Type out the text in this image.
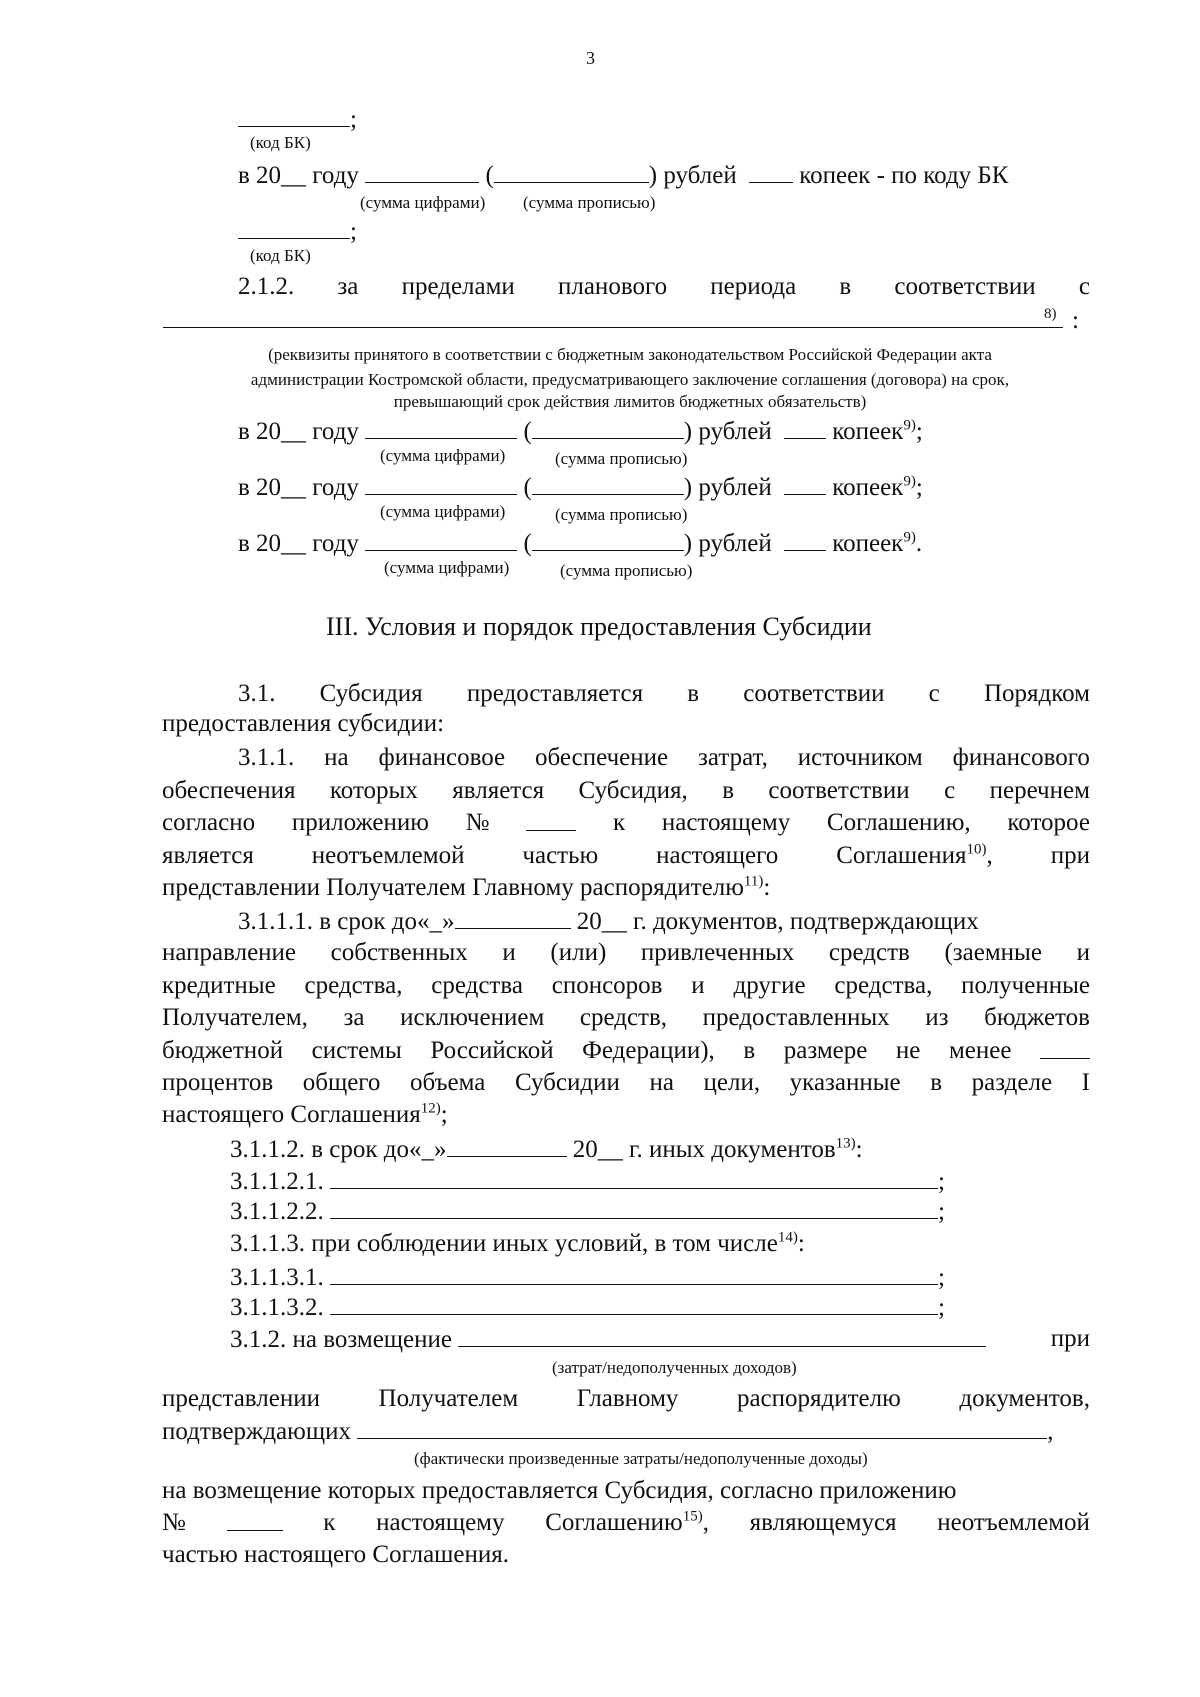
3
;
(код БК)
в 20__ году	(	) рублей	копеек - по коду БК
(сумма цифрами) (сумма прописью)
;
(код БК)
2.1.2. за пределами планового периода в соответствии с
8) :
(реквизиты принятого в соответствии с бюджетным законодательством Российской Федерации акта
администрации Костромской области, предусматривающего заключение соглашения (договора) на срок,
превышающий срок действия лимитов бюджетных обязательств)
в 20__ году	(	) рублей копеек$^{9)}$;
(сумма цифрами)	(сумма прописью)
в 20__ году	(	) рублей копеек$^{9)}$;
(сумма цифрами)	(сумма прописью)
в 20__ году	(	) рублей копеек$^{9)}$.
(сумма цифрами)	(сумма прописью)
III. Условия и порядок предоставления Субсидии
3.1. Субсидия предоставляется в соответствии с Порядком
предоставления субсидии:
3.1.1. на финансовое обеспечение затрат, источником финансового
обеспечения которых является Субсидия, в соответствии с перечнем
согласно приложению №	к настоящему Соглашению, которое
является неотъемлемой частью настоящего Соглашения$^{10)}$, при
представлении Получателем Главному распорядителю$^{11)}$:
3.1.1.1. в срок до«_»	20__ г. документов, подтверждающих
направление собственных и (или) привлеченных средств (заемные и
кредитные средства, средства спонсоров и другие средства, полученные
Получателем, за исключением средств, предоставленных из бюджетов
бюджетной системы Российской Федерации), в размере не менее
процентов общего объема Субсидии на цели, указанные в разделе I
настоящего Соглашения$^{12)}$;
3.1.1.2. в срок до«_»	20__ г. иных документов$^{13)}$:
3.1.1.2.1.	;
3.1.1.2.2.	;
3.1.1.3. при соблюдении иных условий, в том числе$^{14)}$:
3.1.1.3.1.	;
3.1.1.3.2.	;
3.1.2. на возмещение	при
(затрат/недополученных доходов)
представлении Получателем Главному распорядителю документов,
подтверждающих	,
(фактически произведенные затраты/недополученные доходы)
на возмещение которых предоставляется Субсидия, согласно приложению
№	к настоящему Соглашению$^{15)}$, являющемуся неотъемлемой
частью настоящего Соглашения.
